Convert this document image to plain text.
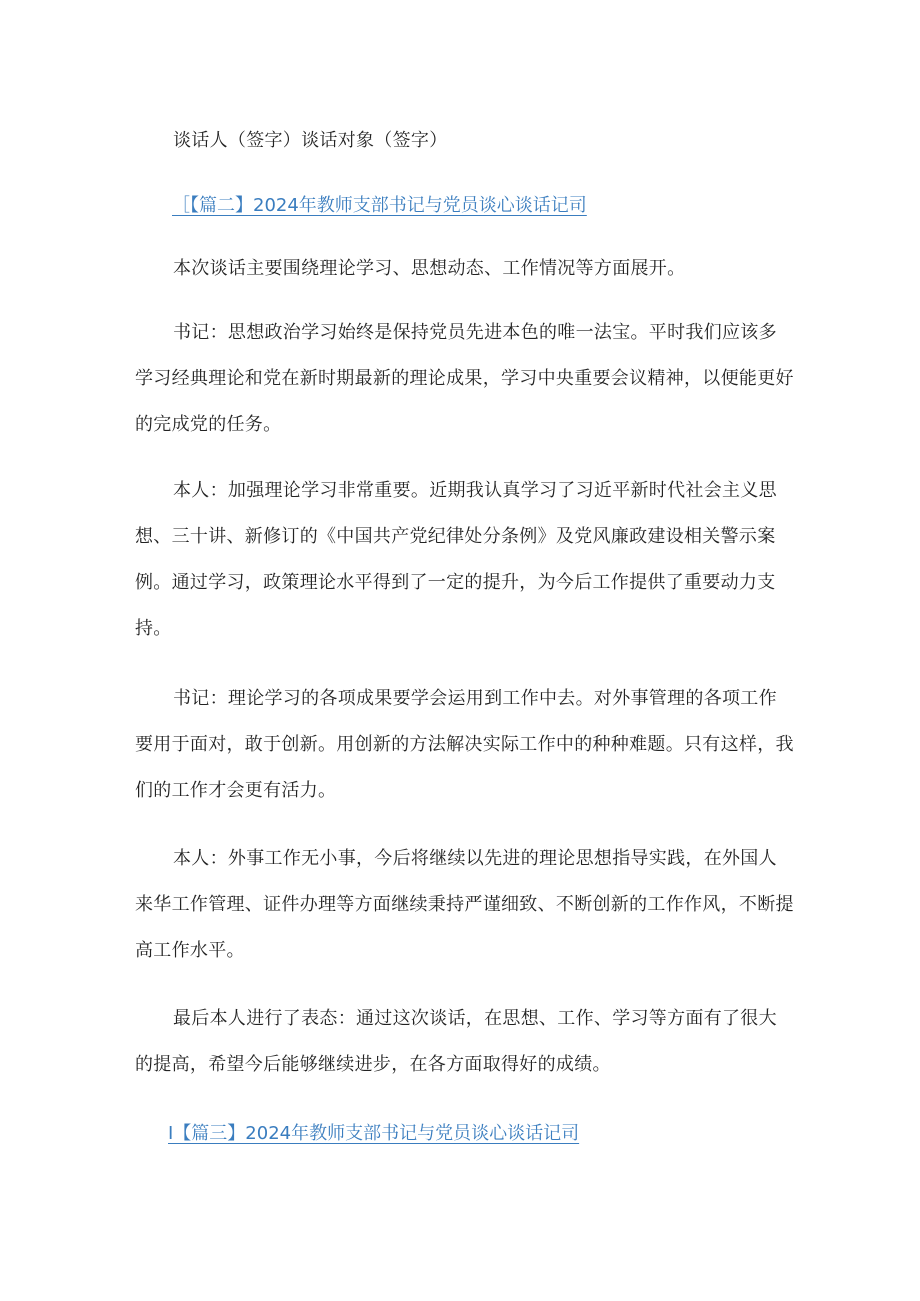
谈话人（签字）谈话对象（签字）
［【篇二】2024年教师支部书记与党员谈心谈话记司
本次谈话主要围绕理论学习、思想动态、工作情况等方面展开。
书记：思想政治学习始终是保持党员先进本色的唯一法宝。平时我们应该多学习经典理论和党在新时期最新的理论成果，学习中央重要会议精神，以便能更好的完成党的任务。
本人：加强理论学习非常重要。近期我认真学习了习近平新时代社会主义思想、三十讲、新修订的《中国共产党纪律处分条例》及党风廉政建设相关警示案例。通过学习，政策理论水平得到了一定的提升，为今后工作提供了重要动力支持。
书记：理论学习的各项成果要学会运用到工作中去。对外事管理的各项工作要用于面对，敢于创新。用创新的方法解决实际工作中的种种难题。只有这样，我们的工作才会更有活力。
本人：外事工作无小事，今后将继续以先进的理论思想指导实践，在外国人来华工作管理、证件办理等方面继续秉持严谨细致、不断创新的工作作风，不断提高工作水平。
最后本人进行了表态：通过这次谈话，在思想、工作、学习等方面有了很大的提高，希望今后能够继续进步，在各方面取得好的成绩。
I【篇三】2024年教师支部书记与党员谈心谈话记司
